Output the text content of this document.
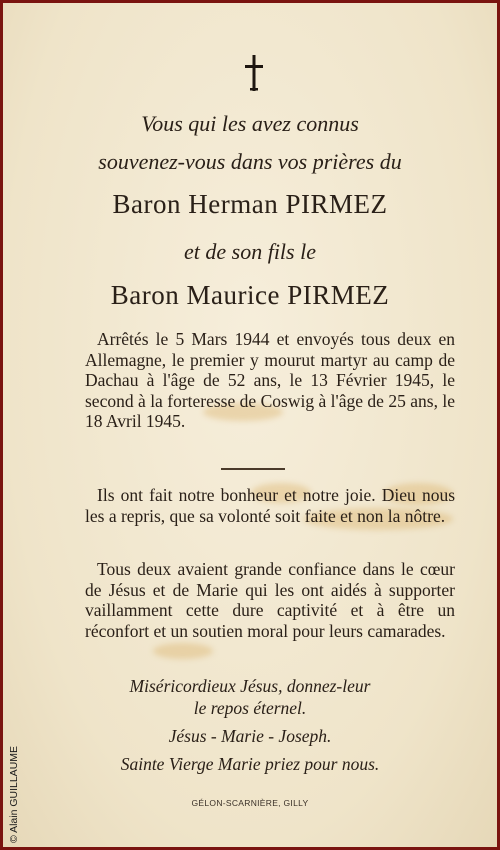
Vous qui les avez connus
souvenez-vous dans vos prières du
Baron Herman PIRMEZ
et de son fils le
Baron Maurice PIRMEZ
Arrêtés le 5 Mars 1944 et envoyés tous deux en Allemagne, le premier y mourut martyr au camp de Dachau à l'âge de 52 ans, le 13 Février 1945, le second à la forteresse de Coswig à l'âge de 25 ans, le 18 Avril 1945.
Ils ont fait notre bonheur et notre joie. Dieu nous les a repris, que sa volonté soit faite et non la nôtre.
Tous deux avaient grande confiance dans le cœur de Jésus et de Marie qui les ont aidés à supporter vaillamment cette dure captivité et à être un réconfort et un soutien moral pour leurs camarades.
Miséricordieux Jésus, donnez-leur
le repos éternel.
Jésus - Marie - Joseph.
Sainte Vierge Marie priez pour nous.
GÉLON-SCARNIÈRE, GILLY
© Alain GUILLAUME
